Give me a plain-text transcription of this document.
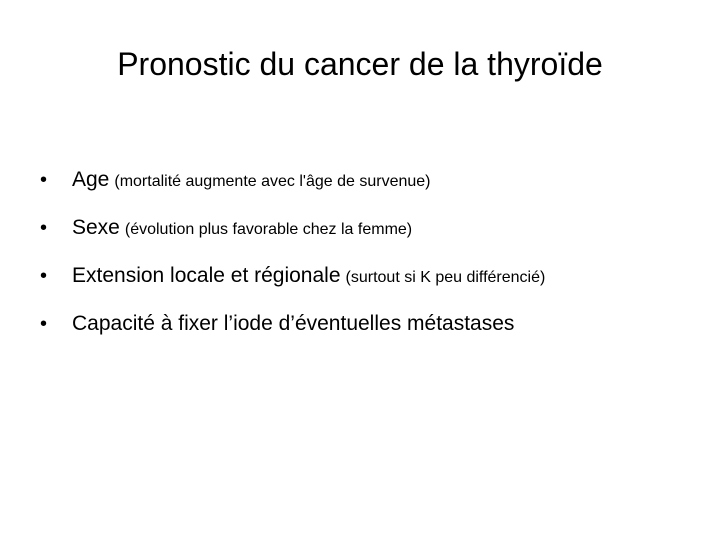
Pronostic du cancer de la thyroïde
•	Age (mortalité augmente avec l'âge de survenue)
•	Sexe (évolution plus favorable chez la femme)
•	Extension locale et régionale (surtout si K peu différencié)
•	Capacité à fixer l’iode d’éventuelles métastases
